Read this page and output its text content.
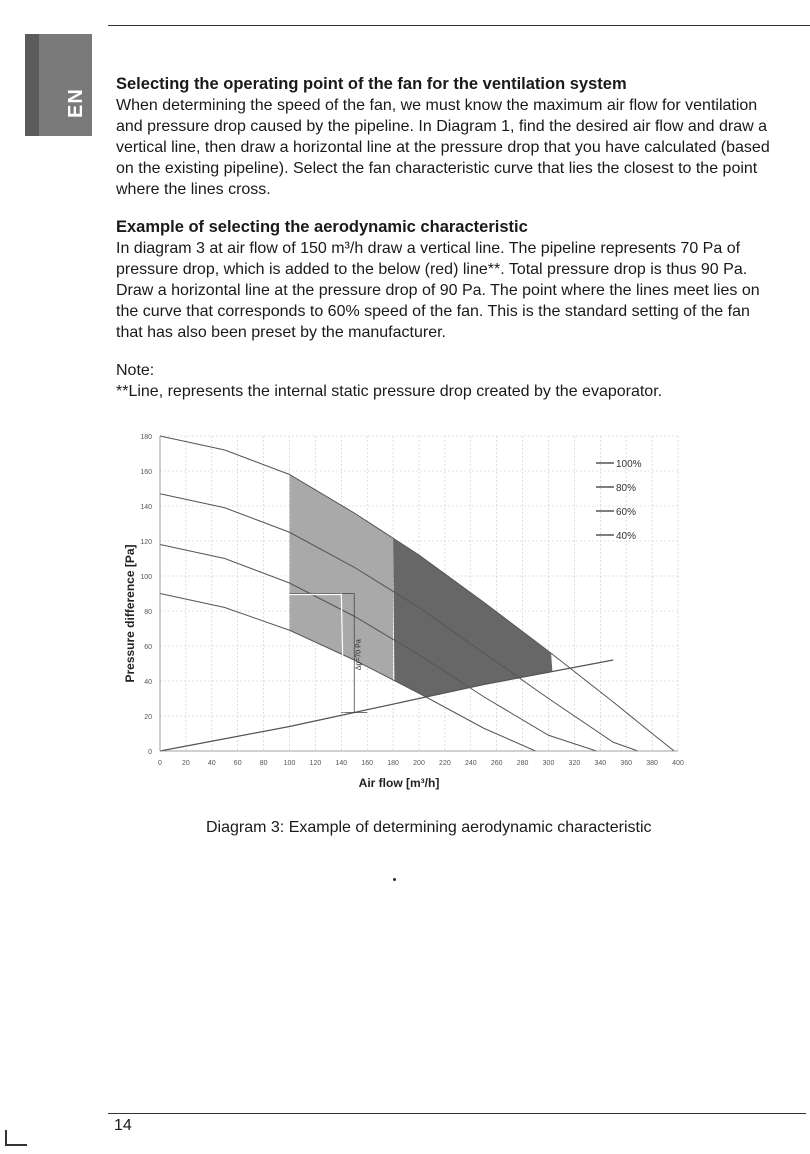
EN
Selecting the operating point of the fan for the ventilation system

When determining the speed of the fan, we must know the maximum air flow for ventilation and pressure drop caused by the pipeline. In Diagram 1, find the desired air flow and draw a vertical line, then draw a horizontal line at the pressure drop that you have calculated (based on the existing pipeline). Select the fan characteristic curve that lies the closest to the point where the lines cross.

Example of selecting the aerodynamic characteristic

In diagram 3 at air flow of 150 m³/h draw a vertical line. The pipeline represents 70 Pa of pressure drop, which is added to the below (red) line**. Total pressure drop is thus 90 Pa. Draw a horizontal line at the pressure drop of 90 Pa. The point where the lines meet lies on the curve that corresponds to 60% speed of the fan. This is the standard setting of the fan that has also been preset by the manufacturer.

Note:

**Line, represents the internal static pressure drop created by the evaporator.

Δp=70 Pa
0	20	40	60	80 100 120 140 160 180 200 220 240 260 280 300 320 340 360 380 400
0
20
40
60
80
100
120
140
160
180
Air flow [m³/h]
Pressure difference [Pa]
100%
80%
60%
40%
Diagram 3: Example of determining aerodynamic characteristic
14
